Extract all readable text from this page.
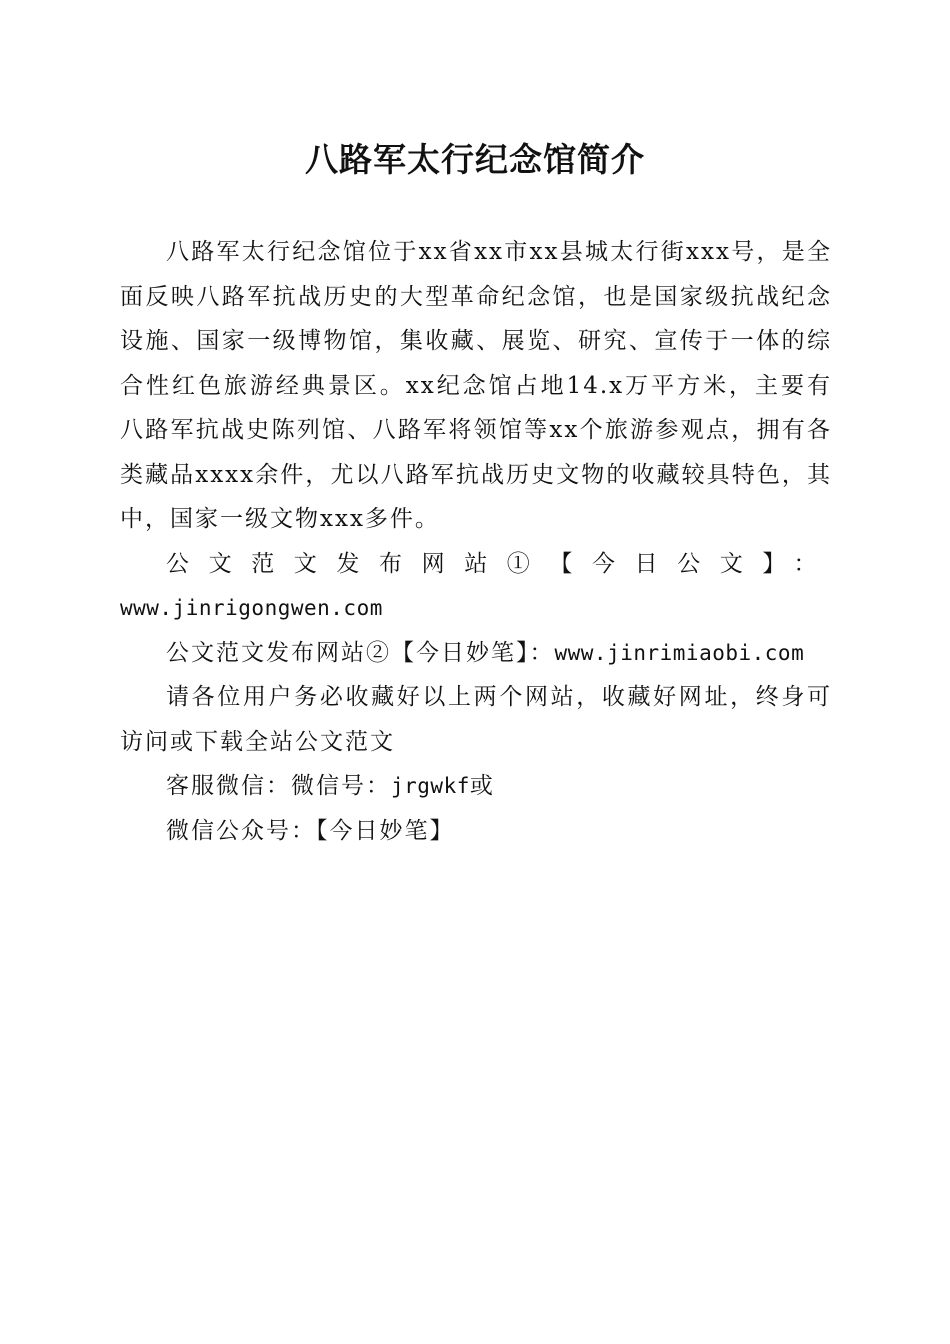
八路军太行纪念馆简介

八路军太行纪念馆位于xx省xx市xx县城太行街xxx号，是全面反映八路军抗战历史的大型革命纪念馆，也是国家级抗战纪念设施、国家一级博物馆，集收藏、展览、研究、宣传于一体的综合性红色旅游经典景区。xx纪念馆占地14.x万平方米，主要有八路军抗战史陈列馆、八路军将领馆等xx个旅游参观点，拥有各类藏品xxxx余件，尤以八路军抗战历史文物的收藏较具特色，其中，国家一级文物xxx多件。

公文范文发布网站①【今日公文】：www.jinrigongwen.com

公文范文发布网站②【今日妙笔】：www.jinrimiaobi.com

请各位用户务必收藏好以上两个网站，收藏好网址，终身可访问或下载全站公文范文

客服微信：微信号：jrgwkf或

微信公众号：【今日妙笔】
